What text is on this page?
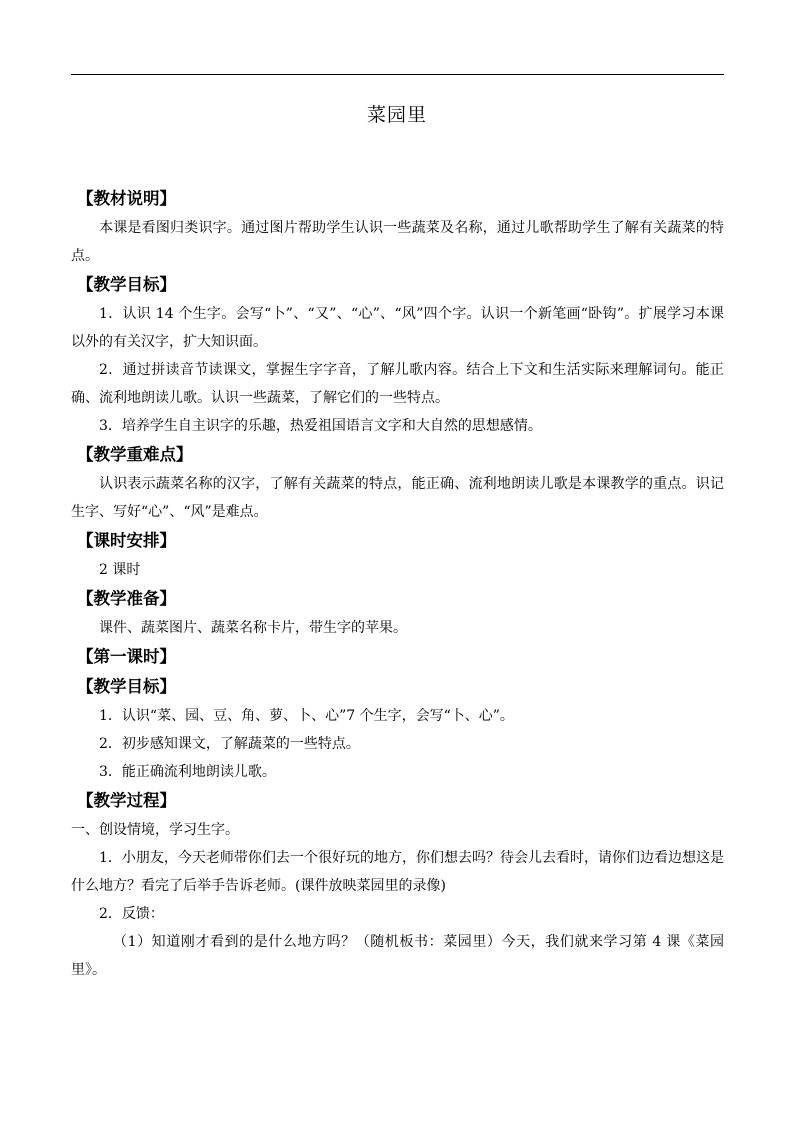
菜园里
【教材说明】
本课是看图归类识字。通过图片帮助学生认识一些蔬菜及名称，通过儿歌帮助学生了解有关蔬菜的特点。
【教学目标】
1．认识 14 个生字。会写“卜”、“又”、“心”、“风”四个字。认识一个新笔画“卧钩”。扩展学习本课以外的有关汉字，扩大知识面。
2．通过拼读音节读课文，掌握生字字音，了解儿歌内容。结合上下文和生活实际来理解词句。能正确、流利地朗读儿歌。认识一些蔬菜，了解它们的一些特点。
3．培养学生自主识字的乐趣，热爱祖国语言文字和大自然的思想感情。
【教学重难点】
认识表示蔬菜名称的汉字，了解有关蔬菜的特点，能正确、流利地朗读儿歌是本课教学的重点。识记生字、写好“心”、“风”是难点。
【课时安排】
2 课时
【教学准备】
课件、蔬菜图片、蔬菜名称卡片，带生字的苹果。
【第一课时】
【教学目标】
1．认识“菜、园、豆、角、萝、卜、心”7 个生字，会写“卜、心”。
2．初步感知课文，了解蔬菜的一些特点。
3．能正确流利地朗读儿歌。
【教学过程】
一、创设情境，学习生字。
1．小朋友，今天老师带你们去一个很好玩的地方，你们想去吗？待会儿去看时，请你们边看边想这是什么地方？看完了后举手告诉老师。(课件放映菜园里的录像)
2．反馈：
（1）知道刚才看到的是什么地方吗？（随机板书：菜园里）今天，我们就来学习第 4 课《菜园里》。
